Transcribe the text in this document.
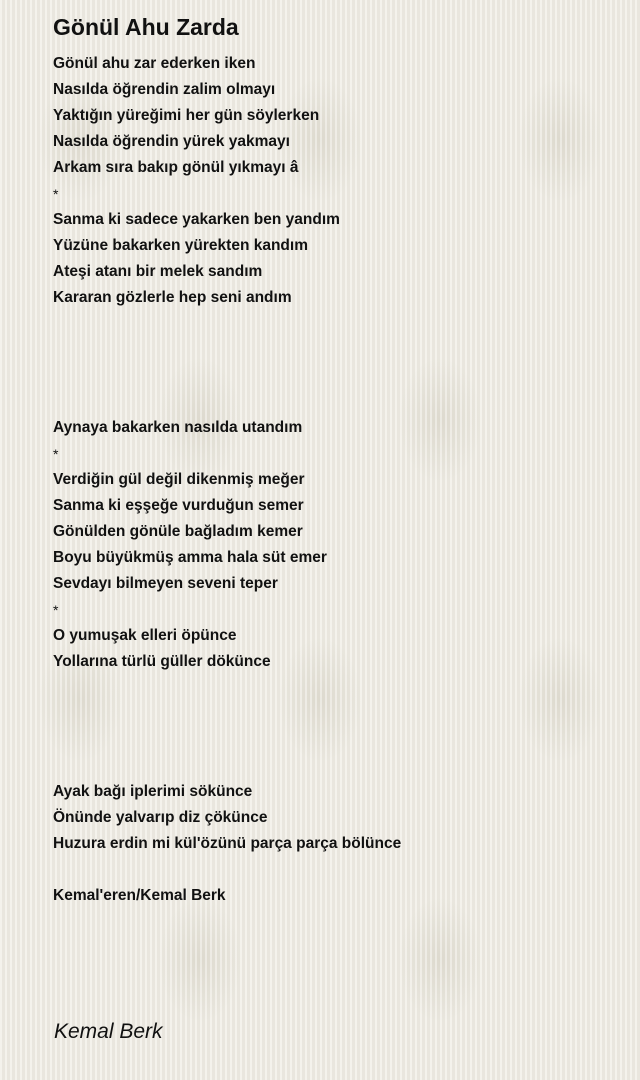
Gönül Ahu Zarda
Gönül ahu zar ederken iken
Nasılda öğrendin zalim olmayı
Yaktığın yüreğimi her gün söylerken
Nasılda öğrendin yürek yakmayı
Arkam sıra bakıp gönül yıkmayı â
*
Sanma ki sadece yakarken ben yandım
Yüzüne bakarken yürekten kandım
Ateşi atanı bir melek sandım
Kararan gözlerle hep seni andım
Aynaya bakarken nasılda utandım
*
Verdiğin gül değil dikenmiş meğer
Sanma ki eşşeğe vurduğun semer
Gönülden gönüle bağladım kemer
Boyu büyükmüş amma hala süt emer
Sevdayı bilmeyen seveni teper
*
O yumuşak elleri öpünce
Yollarına türlü güller dökünce
Ayak bağı iplerimi sökünce
Önünde yalvarıp diz çökünce
Huzura erdin mi kül'özünü parça parça bölünce
Kemal'eren/Kemal Berk
Kemal Berk
